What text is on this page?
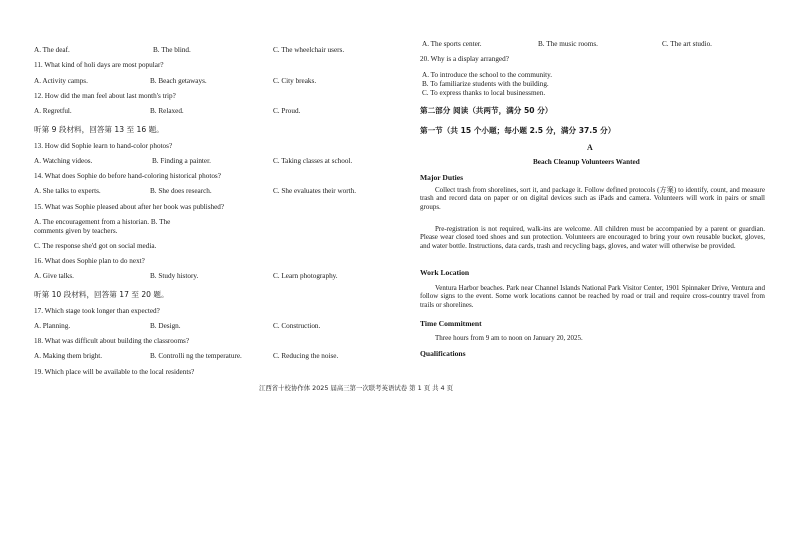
A. The deaf.	B. The blind.	C. The wheelchair users.
11. What kind of holi days are most popular?
A. Activity camps.	B. Beach getaways.	C. City breaks.
12. How did the man feel about last month's trip?
A. Regretful.	B. Relaxed.	C. Proud.
听第 9 段材料，回答第 13 至 16 题。
13. How did Sophie learn to hand-color photos?
A. Watching videos.	B. Finding a painter.	C. Taking classes at school.
14. What does Sophie do before hand-coloring historical photos?
A. She talks to experts.	B. She does research.	C. She evaluates their worth.
15. What was Sophie pleased about after her book was published?
A. The encouragement from a historian. B. The
comments given by teachers.
C. The response she'd got on social media.
16. What does Sophie plan to do next?
A. Give talks.	B. Study history.	C. Learn photography.
听第 10 段材料，回答第 17 至 20 题。
17. Which stage took longer than expected?
A. Planning.	B. Design.	C. Construction.
18. What was difficult about building the classrooms?
A. Making them bright.	B. Controlli ng the temperature.	C. Reducing the noise.
19. Which place will be available to the local residents?
A. The sports center.	B. The music rooms.	C. The art studio.
20. Why is a display arranged?
A. To introduce the school to the community.
B. To familiarize students with the building.
C. To express thanks to local businessmen.
第二部分 阅读（共两节，满分 50 分）
第一节（共 15 个小题；每小题 2.5 分，满分 37.5 分）
A
Beach Cleanup Volunteers Wanted
Major Duties

Collect trash from shorelines, sort it, and package it. Follow defined protocols (方案) to identify, count, and measure trash and record data on paper or on digital devices such as iPads and camera. Volunteers will work in pairs or small groups.

Pre-registration is not required, walk-ins are welcome. All children must be accompanied by a parent or guardian. Please wear closed toed shoes and sun protection. Volunteers are encouraged to bring your own reusable bucket, gloves, and water bottle. Instructions, data cards, trash and recycling bags, gloves, and water will otherwise be provided.

Work Location

Ventura Harbor beaches. Park near Channel Islands National Park Visitor Center, 1901 Spinnaker Drive, Ventura and follow signs to the event. Some work locations cannot be reached by road or trail and require cross-country travel from trails or shorelines.

Time Commitment
Three hours from 9 am to noon on January 20, 2025.
Qualifications
江西省十校协作体 2025 届高三第一次联考英语试卷 第 1 页 共 4 页
